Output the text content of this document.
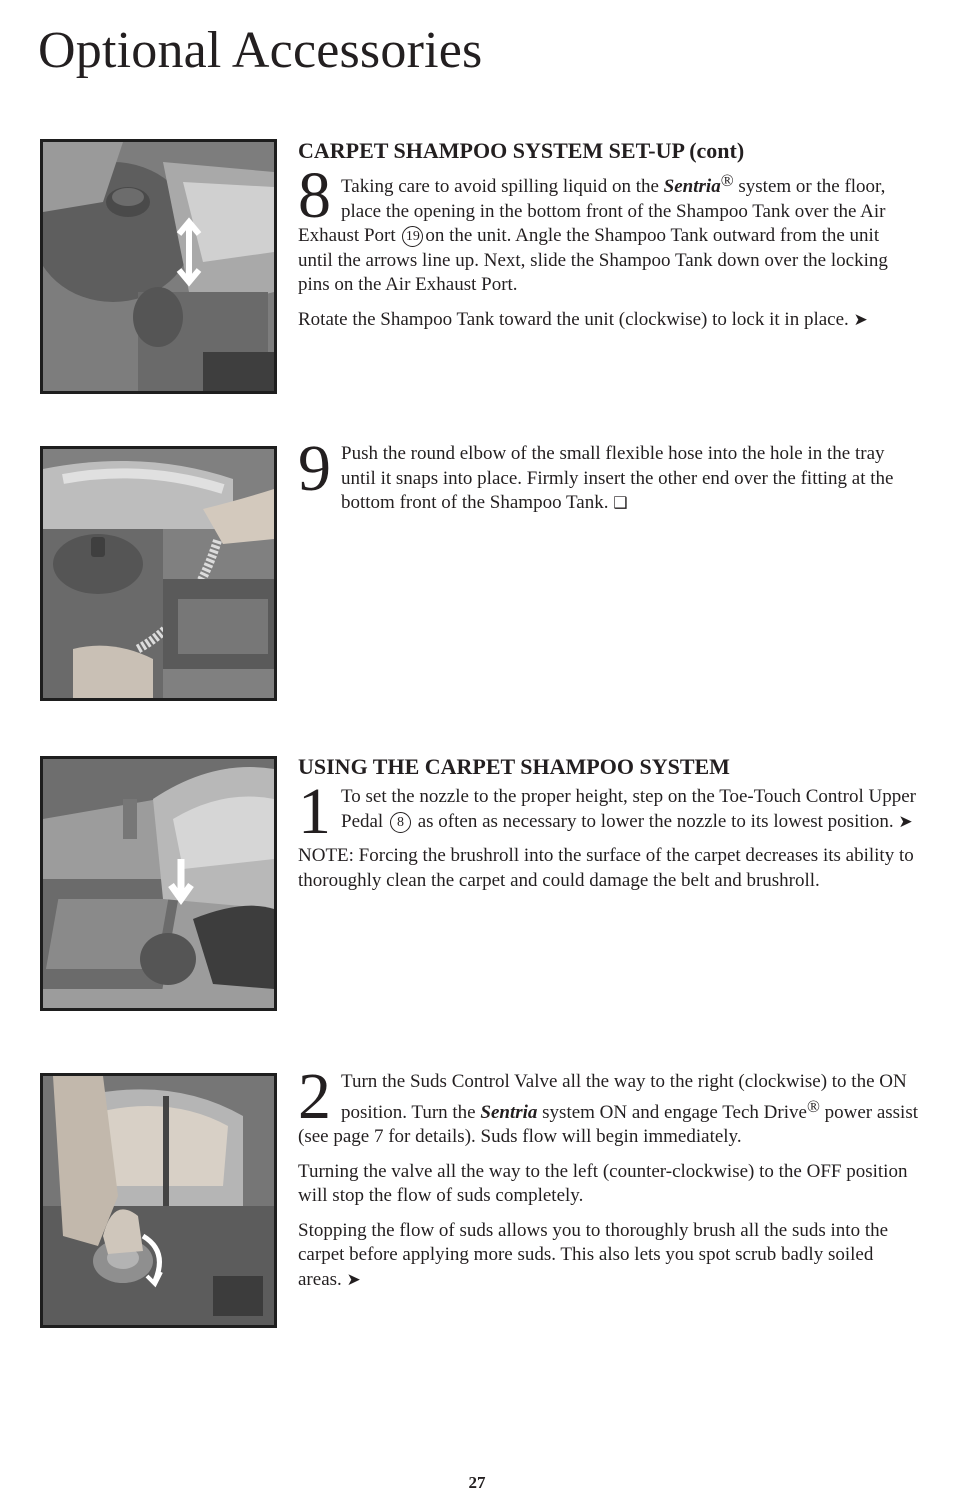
Optional Accessories
CARPET SHAMPOO SYSTEM SET-UP (cont)
8 Taking care to avoid spilling liquid on the Sentria® system or the floor, place the opening in the bottom front of the Shampoo Tank over the Air Exhaust Port 19 on the unit. Angle the Shampoo Tank outward from the unit until the arrows line up. Next, slide the Shampoo Tank down over the locking pins on the Air Exhaust Port.

Rotate the Shampoo Tank toward the unit (clockwise) to lock it in place. ➤

9 Push the round elbow of the small flexible hose into the hole in the tray until it snaps into place. Firmly insert the other end over the fitting at the bottom front of the Shampoo Tank. ❑

USING THE CARPET SHAMPOO SYSTEM
1 To set the nozzle to the proper height, step on the Toe-Touch Control Upper Pedal 8 as often as necessary to lower the nozzle to its lowest position. ➤

NOTE: Forcing the brushroll into the surface of the carpet decreases its ability to thoroughly clean the carpet and could damage the belt and brushroll.

2 Turn the Suds Control Valve all the way to the right (clockwise) to the ON position. Turn the Sentria system ON and engage Tech Drive® power assist (see page 7 for details). Suds flow will begin immediately.

Turning the valve all the way to the left (counter-clockwise) to the OFF position will stop the flow of suds completely.

Stopping the flow of suds allows you to thoroughly brush all the suds into the carpet before applying more suds. This also lets you spot scrub badly soiled areas. ➤

27
